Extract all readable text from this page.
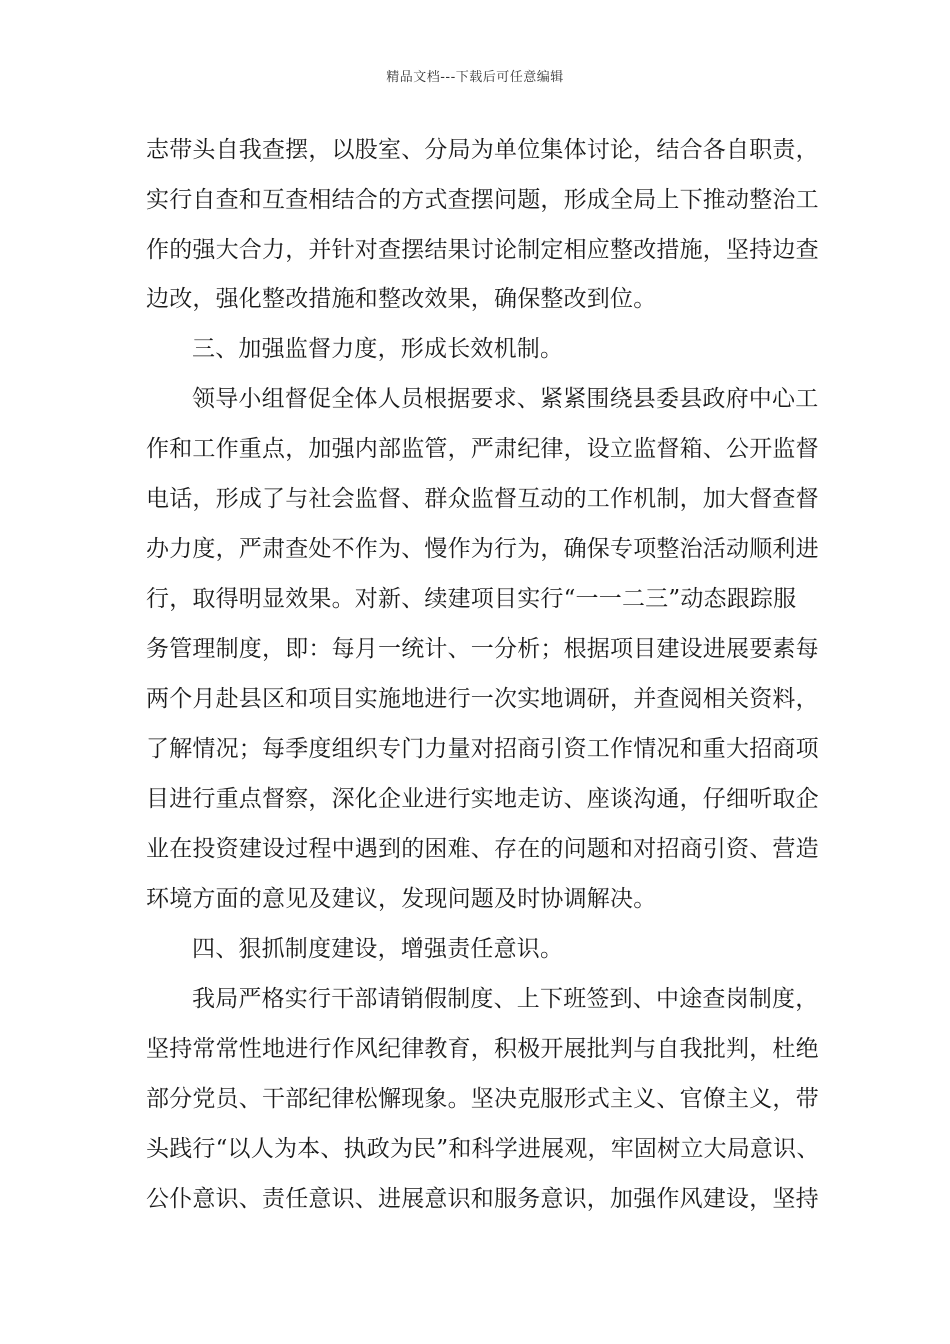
精品文档---下载后可任意编辑
志带头自我查摆，以股室、分局为单位集体讨论，结合各自职责，
实行自查和互查相结合的方式查摆问题，形成全局上下推动整治工
作的强大合力，并针对查摆结果讨论制定相应整改措施，坚持边查
边改，强化整改措施和整改效果，确保整改到位。
三、加强监督力度，形成长效机制。
领导小组督促全体人员根据要求、紧紧围绕县委县政府中心工
作和工作重点，加强内部监管，严肃纪律，设立监督箱、公开监督
电话，形成了与社会监督、群众监督互动的工作机制，加大督查督
办力度，严肃查处不作为、慢作为行为，确保专项整治活动顺利进
行，取得明显效果。对新、续建项目实行“一一二三”动态跟踪服
务管理制度，即：每月一统计、一分析；根据项目建设进展要素每
两个月赴县区和项目实施地进行一次实地调研，并查阅相关资料，
了解情况；每季度组织专门力量对招商引资工作情况和重大招商项
目进行重点督察，深化企业进行实地走访、座谈沟通，仔细听取企
业在投资建设过程中遇到的困难、存在的问题和对招商引资、营造
环境方面的意见及建议，发现问题及时协调解决。
四、狠抓制度建设，增强责任意识。
我局严格实行干部请销假制度、上下班签到、中途查岗制度，
坚持常常性地进行作风纪律教育，积极开展批判与自我批判，杜绝
部分党员、干部纪律松懈现象。坚决克服形式主义、官僚主义，带
头践行“以人为本、执政为民”和科学进展观，牢固树立大局意识、
公仆意识、责任意识、进展意识和服务意识，加强作风建设，坚持
